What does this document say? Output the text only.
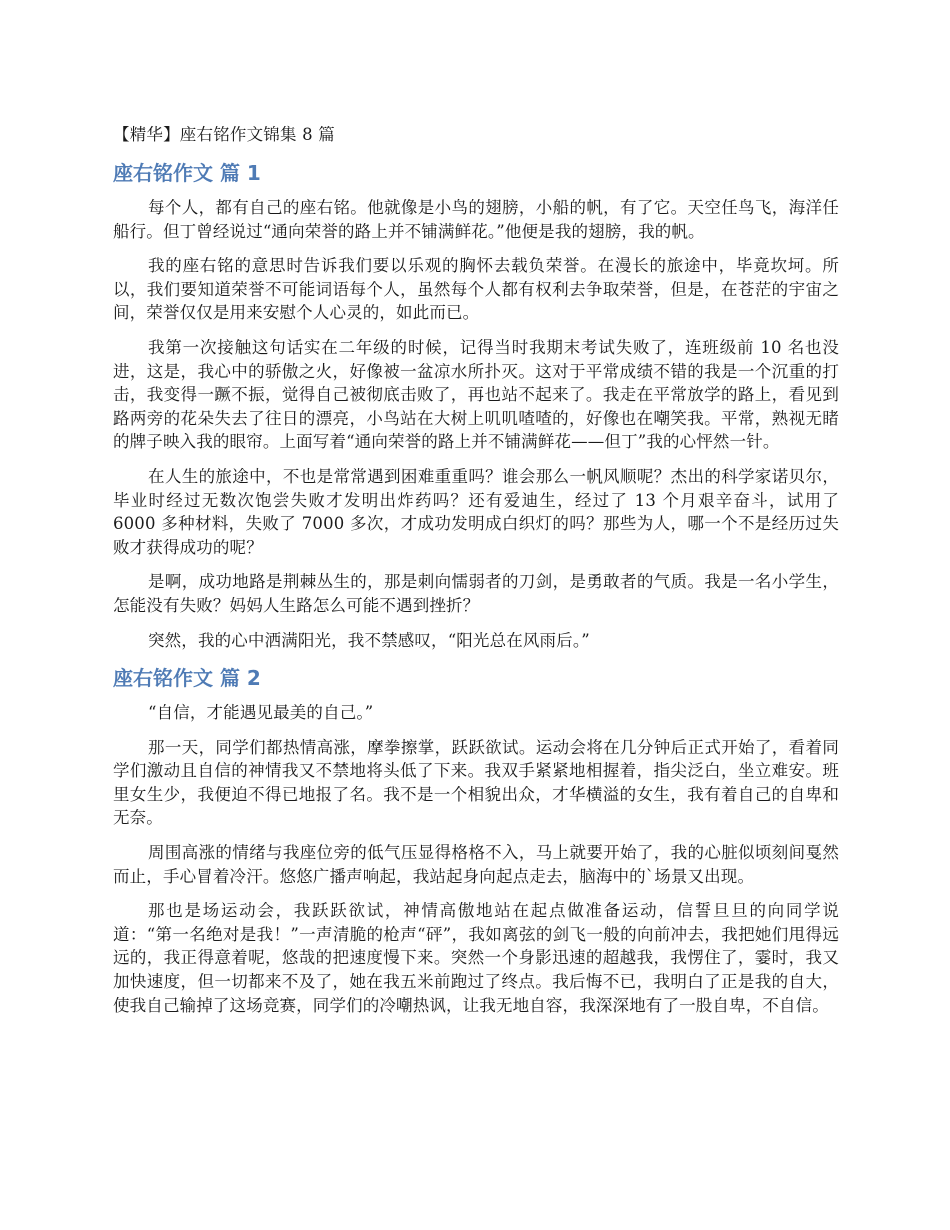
【精华】座右铭作文锦集 8 篇
座右铭作文 篇 1

每个人，都有自己的座右铭。他就像是小鸟的翅膀，小船的帆，有了它。天空任鸟飞，海洋任船行。但丁曾经说过“通向荣誉的路上并不铺满鲜花。”他便是我的翅膀，我的帆。

我的座右铭的意思时告诉我们要以乐观的胸怀去载负荣誉。在漫长的旅途中，毕竟坎坷。所以，我们要知道荣誉不可能词语每个人，虽然每个人都有权利去争取荣誉，但是，在苍茫的宇宙之间，荣誉仅仅是用来安慰个人心灵的，如此而已。

我第一次接触这句话实在二年级的时候，记得当时我期末考试失败了，连班级前 10 名也没进，这是，我心中的骄傲之火，好像被一盆凉水所扑灭。这对于平常成绩不错的我是一个沉重的打击，我变得一蹶不振，觉得自己被彻底击败了，再也站不起来了。我走在平常放学的路上，看见到路两旁的花朵失去了往日的漂亮，小鸟站在大树上叽叽喳喳的，好像也在嘲笑我。平常，熟视无睹的牌子映入我的眼帘。上面写着“通向荣誉的路上并不铺满鲜花——但丁”我的心怦然一针。

在人生的旅途中，不也是常常遇到困难重重吗？谁会那么一帆风顺呢？杰出的科学家诺贝尔，毕业时经过无数次饱尝失败才发明出炸药吗？还有爱迪生，经过了 13 个月艰辛奋斗，试用了 6000 多种材料，失败了 7000 多次，才成功发明成白织灯的吗？那些为人，哪一个不是经历过失败才获得成功的呢？

是啊，成功地路是荆棘丛生的，那是刺向懦弱者的刀剑，是勇敢者的气质。我是一名小学生，怎能没有失败？妈妈人生路怎么可能不遇到挫折？

突然，我的心中洒满阳光，我不禁感叹，“阳光总在风雨后。”

座右铭作文 篇 2

“自信，才能遇见最美的自己。”

那一天，同学们都热情高涨，摩拳擦掌，跃跃欲试。运动会将在几分钟后正式开始了，看着同学们激动且自信的神情我又不禁地将头低了下来。我双手紧紧地相握着，指尖泛白，坐立难安。班里女生少，我便迫不得已地报了名。我不是一个相貌出众，才华横溢的女生，我有着自己的自卑和无奈。

周围高涨的情绪与我座位旁的低气压显得格格不入，马上就要开始了，我的心脏似顷刻间戛然而止，手心冒着冷汗。悠悠广播声响起，我站起身向起点走去，脑海中的`场景又出现。

那也是场运动会，我跃跃欲试，神情高傲地站在起点做准备运动，信誓旦旦的向同学说道：“第一名绝对是我！”一声清脆的枪声“砰”，我如离弦的剑飞一般的向前冲去，我把她们甩得远远的，我正得意着呢，悠哉的把速度慢下来。突然一个身影迅速的超越我，我愣住了，霎时，我又加快速度，但一切都来不及了，她在我五米前跑过了终点。我后悔不已，我明白了正是我的自大，使我自己输掉了这场竞赛，同学们的冷嘲热讽，让我无地自容，我深深地有了一股自卑，不自信。
